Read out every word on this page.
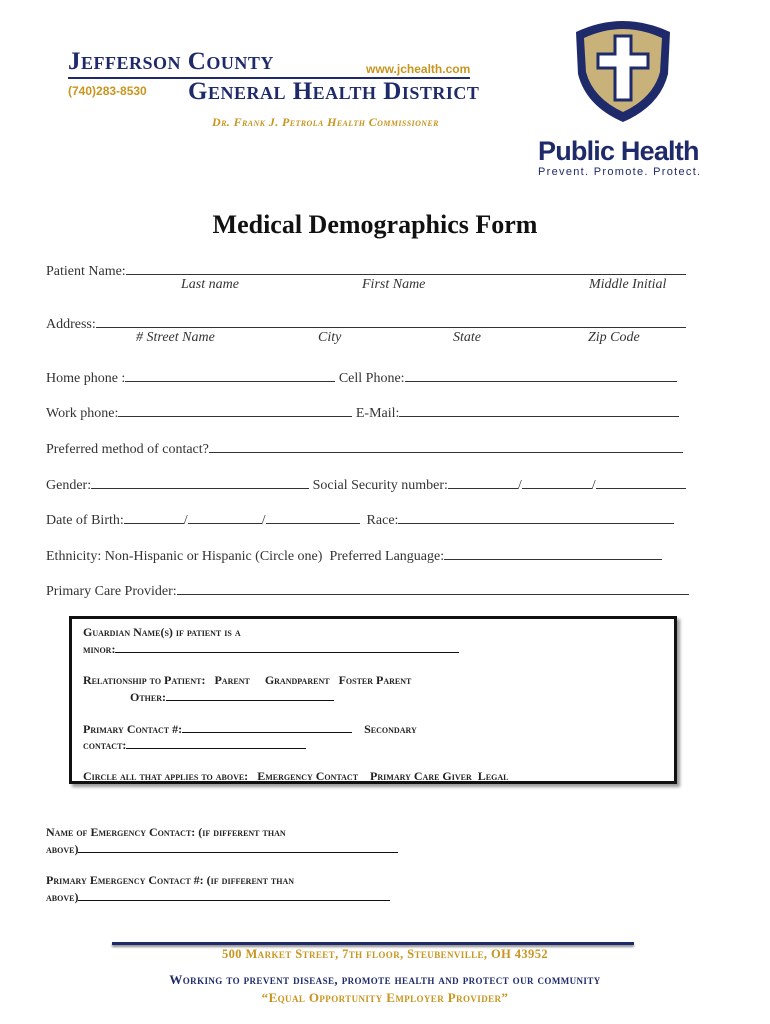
Jefferson County	www.jchealth.com
(740)283-8530 General Health District
Dr. Frank J. Petrola Health Commissioner
Public Health
Prevent. Promote. Protect.
Medical Demographics Form
Patient Name:
Last name	First Name	Middle Initial
Address:
# Street Name	City	State	Zip Code
Home phone :	Cell Phone:
Work phone:	E-Mail:
Preferred method of contact?
Gender:	Social Security number:	/	/
Date of Birth:	/	/	Race:
Ethnicity: Non-Hispanic or Hispanic (Circle one) Preferred Language:
Primary Care Provider:
Guardian Name(s) if patient is a
minor:
Relationship to Patient: Parent Grandparent Foster Parent
Other:
Primary Contact #:	Secondary
contact:
Circle all that applies to above: Emergency Contact Primary Care Giver Legal
Name of Emergency Contact: (if different than
above)
Primary Emergency Contact #: (if different than
above)
500 Market Street, 7th floor, Steubenville, OH 43952
Working to prevent disease, promote health and protect our community
“Equal Opportunity Employer Provider”
